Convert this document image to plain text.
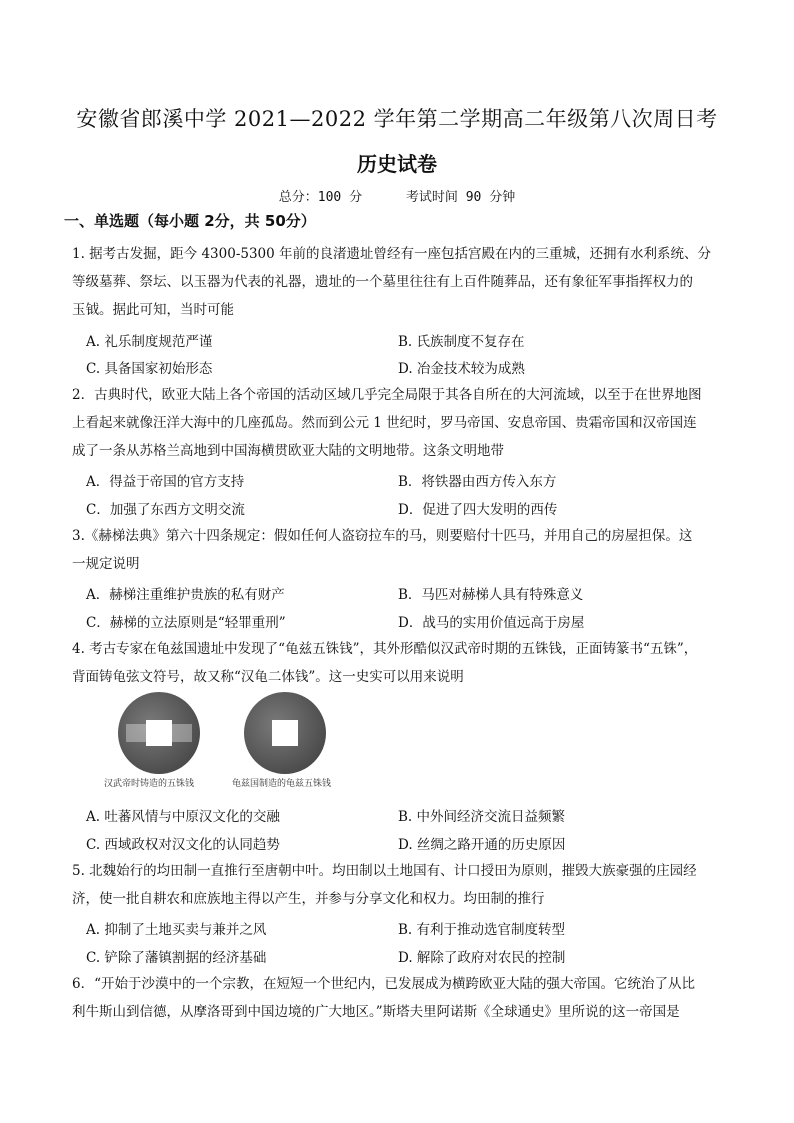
安徽省郎溪中学 2021—2022 学年第二学期高二年级第八次周日考
历史试卷
总分：100 分	考试时间 90 分钟
一、单选题（每小题 2分，共 50分）
1. 据考古发掘，距今 4300-5300 年前的良渚遗址曾经有一座包括宫殿在内的三重城，还拥有水利系统、分
等级墓葬、祭坛、以玉器为代表的礼器，遗址的一个墓里往往有上百件随葬品，还有象征军事指挥权力的
玉钺。据此可知，当时可能
A. 礼乐制度规范严谨	B. 氏族制度不复存在
C. 具备国家初始形态	D. 冶金技术较为成熟
2．古典时代，欧亚大陆上各个帝国的活动区域几乎完全局限于其各自所在的大河流域，以至于在世界地图
上看起来就像汪洋大海中的几座孤岛。然而到公元 1 世纪时，罗马帝国、安息帝国、贵霜帝国和汉帝国连
成了一条从苏格兰高地到中国海横贯欧亚大陆的文明地带。这条文明地带
A．得益于帝国的官方支持	B．将铁器由西方传入东方
C．加强了东西方文明交流	D．促进了四大发明的西传
3.《赫梯法典》第六十四条规定：假如任何人盗窃拉车的马，则要赔付十匹马，并用自己的房屋担保。这
一规定说明
A．赫梯注重维护贵族的私有财产	B．马匹对赫梯人具有特殊意义
C．赫梯的立法原则是“轻罪重刑”	D．战马的实用价值远高于房屋
4. 考古专家在龟兹国遗址中发现了“龟兹五铢钱”，其外形酷似汉武帝时期的五铢钱，正面铸篆书“五铢”，
背面铸龟弦文符号，故又称“汉龟二体钱”。这一史实可以用来说明
汉武帝时铸造的五铢钱	龟兹国制造的龟兹五铢钱
A. 吐蕃风情与中原汉文化的交融	B. 中外间经济交流日益频繁
C. 西域政权对汉文化的认同趋势	D. 丝绸之路开通的历史原因
5. 北魏始行的均田制一直推行至唐朝中叶。均田制以土地国有、计口授田为原则，摧毁大族豪强的庄园经
济，使一批自耕农和庶族地主得以产生，并参与分享文化和权力。均田制的推行
A. 抑制了土地买卖与兼并之风	B. 有利于推动选官制度转型
C. 铲除了藩镇割据的经济基础	D. 解除了政府对农民的控制
6．“开始于沙漠中的一个宗教，在短短一个世纪内，已发展成为横跨欧亚大陆的强大帝国。它统治了从比
利牛斯山到信德，从摩洛哥到中国边境的广大地区。”斯塔夫里阿诺斯《全球通史》里所说的这一帝国是
